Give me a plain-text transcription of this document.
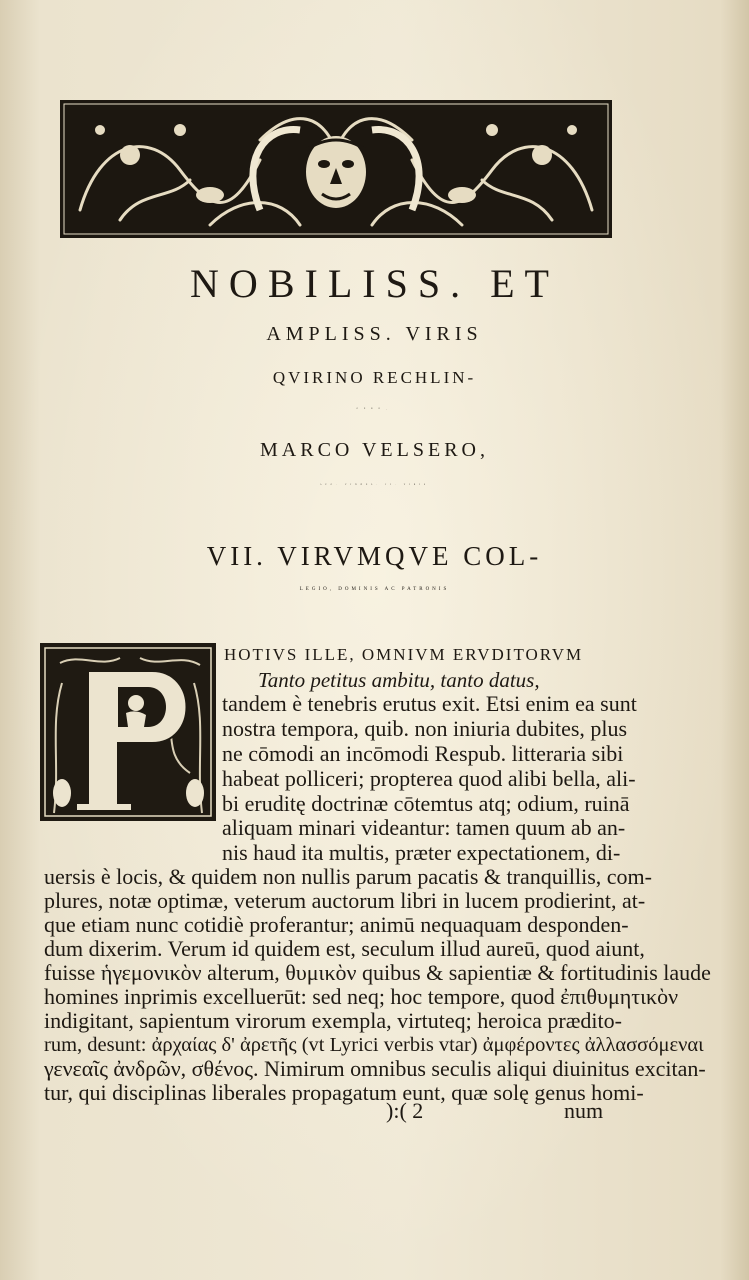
NOBILISS. ET
AMPLISS. VIRIS
QVIRINO RECHLIN-
GERO,
MARCO VELSERO,
AVG. VINDEL. II. VIRIS
VII. VIRVMQVE COL-
LEGIO, DOMINIS AC PATRONIS
HOTIVS ILLE, OMNIVM ERVDITORVM
Tanto petitus ambitu, tanto datus,
tandem è tenebris erutus exit. Etsi enim ea sunt
nostra tempora, quib. non iniuria dubites, plus
ne cōmodi an incōmodi Respub. litteraria sibi
habeat polliceri; propterea quod alibi bella, ali-
bi eruditę doctrinæ cōtemtus atq; odium, ruinā
aliquam minari videantur: tamen quum ab an-
nis haud ita multis, præter expectationem, di-
uersis è locis, & quidem non nullis parum pacatis & tranquillis, com-
plures, notæ optimæ, veterum auctorum libri in lucem prodierint, at-
que etiam nunc cotidiè proferantur; animū nequaquam desponden-
dum dixerim. Verum id quidem est, seculum illud aureū, quod aiunt,
fuisse ἡγεμονικὸν alterum, θυμικὸν quibus & sapientiæ & fortitudinis laude
homines inprimis excelluerūt: sed neq; hoc tempore, quod ἐπιθυμητικὸν
indigitant, sapientum virorum exempla, virtuteq; heroica prædito-
rum, desunt: ἀρχαίας δ' ἀρετῆς (vt Lyrici verbis vtar) ἀμφέροντες ἀλλασσόμεναι
γενεαῖς ἀνδρῶν, σθένος. Nimirum omnibus seculis aliqui diuinitus excitan-
tur, qui disciplinas liberales propagatum eunt, quæ solę genus homi-
):( 2	num
